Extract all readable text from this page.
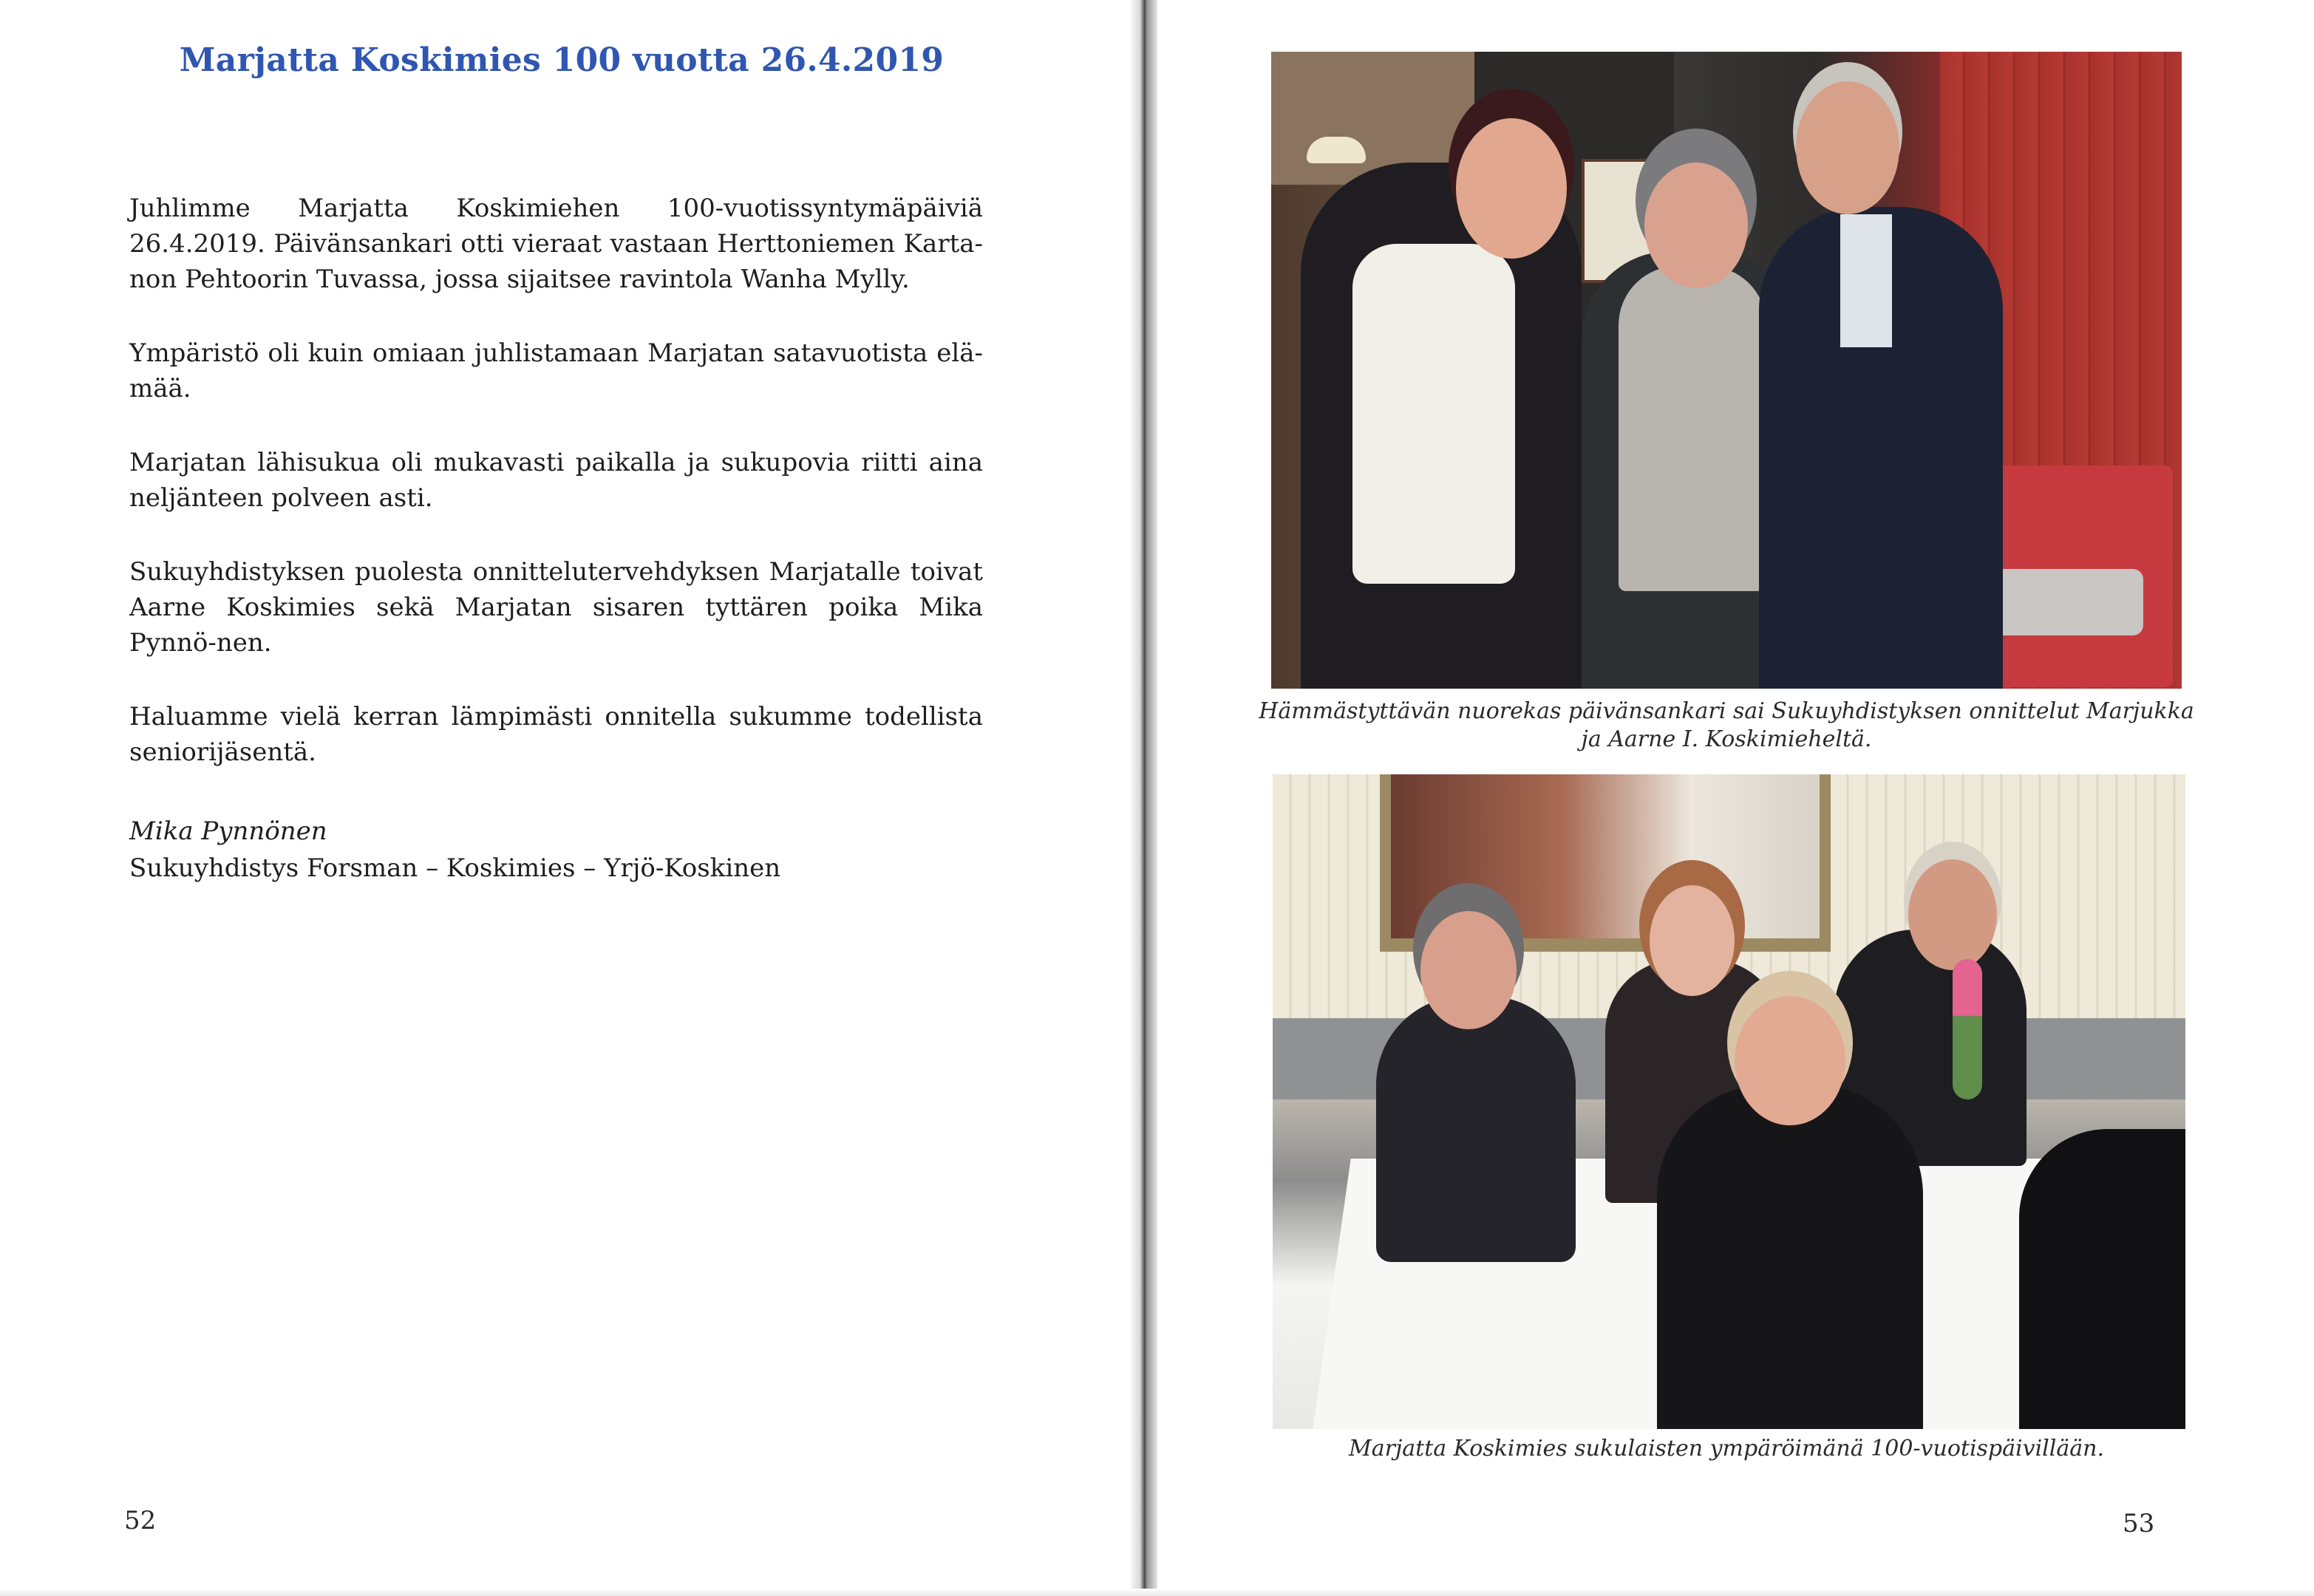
Marjatta Koskimies 100 vuotta 26.4.2019

Juhlimme Marjatta Koskimiehen 100-vuotissyntymäpäiviä 26.4.2019. Päivänsankari otti vieraat vastaan Herttoniemen Karta-non Pehtoorin Tuvassa, jossa sijaitsee ravintola Wanha Mylly.

Ympäristö oli kuin omiaan juhlistamaan Marjatan satavuotista elä-mää.

Marjatan lähisukua oli mukavasti paikalla ja sukupovia riitti aina neljänteen polveen asti.

Sukuyhdistyksen puolesta onnittelutervehdyksen Marjatalle toivat Aarne Koskimies sekä Marjatan sisaren tyttären poika Mika Pynnö-nen.

Haluamme vielä kerran lämpimästi onnitella sukumme todellista seniorijäsentä.

Mika Pynnönen
Sukuyhdistys Forsman – Koskimies – Yrjö-Koskinen
52
Hämmästyttävän nuorekas päivänsankari sai Sukuyhdistyksen onnittelut Marjukka ja Aarne I. Koskimieheltä.
Marjatta Koskimies sukulaisten ympäröimänä 100-vuotispäivillään.
53
